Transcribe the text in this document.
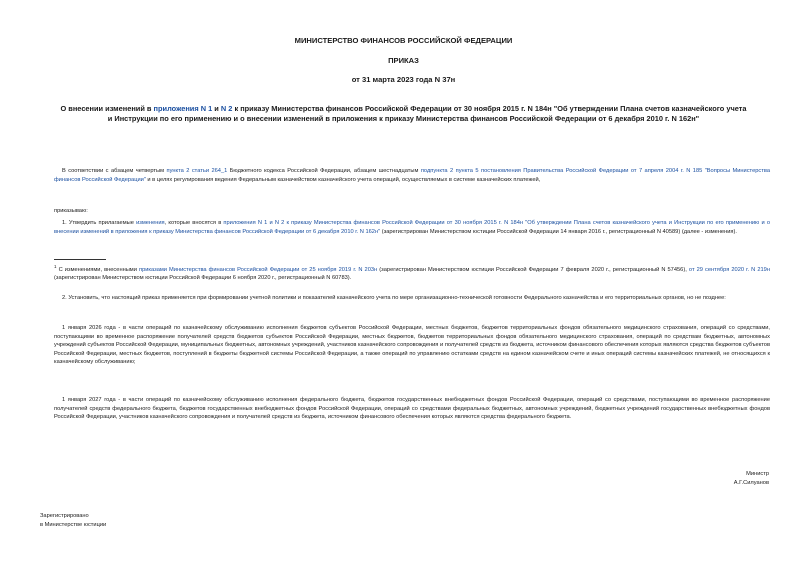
МИНИСТЕРСТВО ФИНАНСОВ РОССИЙСКОЙ ФЕДЕРАЦИИ
ПРИКАЗ
от 31 марта 2023 года N 37н
О внесении изменений в приложения N 1 и N 2 к приказу Министерства финансов Российской Федерации от 30 ноября 2015 г. N 184н "Об утверждении Плана счетов казначейского учета и Инструкции по его применению и о внесении изменений в приложения к приказу Министерства финансов Российской Федерации от 6 декабря 2010 г. N 162н"
В соответствии с абзацем четвертым пункта 2 статьи 264_1 Бюджетного кодекса Российской Федерации, абзацем шестнадцатым подпункта 2 пункта 5 постановления Правительства Российской Федерации от 7 апреля 2004 г. N 185 "Вопросы Министерства финансов Российской Федерации" и в целях регулирования ведения Федеральным казначейством казначейского учета операций, осуществляемых в системе казначейских платежей,
приказываю:
1. Утвердить прилагаемые изменения, которые вносятся в приложения N 1 и N 2 к приказу Министерства финансов Российской Федерации от 30 ноября 2015 г. N 184н "Об утверждении Плана счетов казначейского учета и Инструкции по его применению и о внесении изменений в приложения к приказу Министерства финансов Российской Федерации от 6 декабря 2010 г. N 162н" (зарегистрирован Министерством юстиции Российской Федерации 14 января 2016 г., регистрационный N 40589) (далее - изменения).
$^1$ С изменениями, внесенными приказами Министерства финансов Российской Федерации от 25 ноября 2019 г. N 203н (зарегистрирован Министерством юстиции Российской Федерации 7 февраля 2020 г., регистрационный N 57456), от 29 сентября 2020 г. N 219н (зарегистрирован Министерством юстиции Российской Федерации 6 ноября 2020 г., регистрационный N 60783).
2. Установить, что настоящий приказ применяется при формировании учетной политики и показателей казначейского учета по мере организационно-технической готовности Федерального казначейства и его территориальных органов, но не позднее:
1 января 2026 года - в части операций по казначейскому обслуживанию исполнения бюджетов субъектов Российской Федерации, местных бюджетов, бюджетов территориальных фондов обязательного медицинского страхования, операций со средствами, поступающими во временное распоряжение получателей средств бюджетов субъектов Российской Федерации, местных бюджетов, бюджетов территориальных фондов обязательного медицинского страхования, операций по средствам бюджетных, автономных учреждений субъектов Российской Федерации, муниципальных бюджетных, автономных учреждений, участников казначейского сопровождения и получателей средств из бюджета, источником финансового обеспечения которых являются средства бюджетов субъектов Российской Федерации, местных бюджетов, поступлений в бюджеты бюджетной системы Российской Федерации, а также операций по управлению остатками средств на едином казначейском счете и иных операций системы казначейских платежей, не относящихся к казначейскому обслуживанию;
1 января 2027 года - в части операций по казначейскому обслуживанию исполнения федерального бюджета, бюджетов государственных внебюджетных фондов Российской Федерации, операций со средствами, поступающими во временное распоряжение получателей средств федерального бюджета, бюджетов государственных внебюджетных фондов Российской Федерации, операций со средствами федеральных бюджетных, автономных учреждений, бюджетных учреждений государственных внебюджетных фондов Российской Федерации, участников казначейского сопровождения и получателей средств из бюджета, источником финансового обеспечения которых являются средства федерального бюджета.
Министр
А.Г.Силуанов
Зарегистрировано
в Министерстве юстиции
